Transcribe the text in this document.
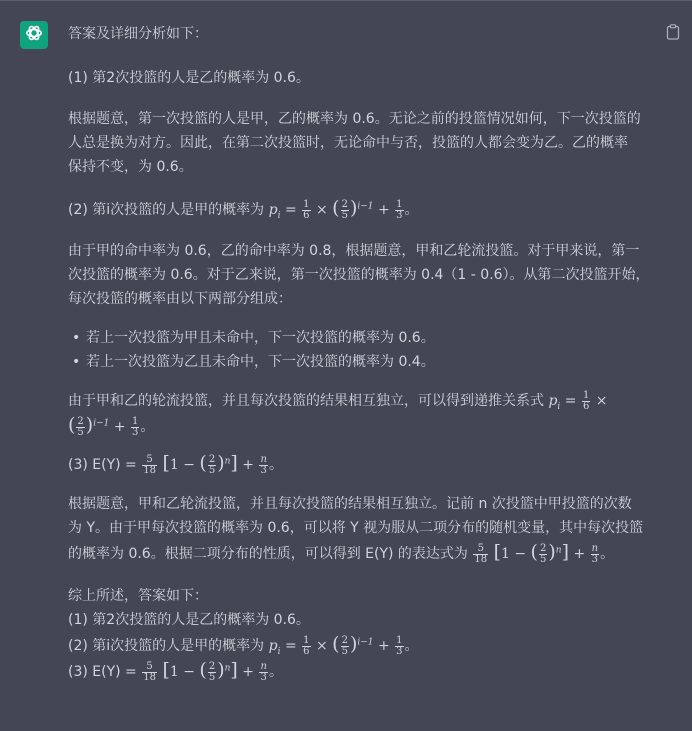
答案及详细分析如下：

(1) 第2次投篮的人是乙的概率为 0.6。

根据题意，第一次投篮的人是甲，乙的概率为 0.6。无论之前的投篮情况如何，下一次投篮的

人总是换为对方。因此，在第二次投篮时，无论命中与否，投篮的人都会变为乙。乙的概率

保持不变，为 0.6。

(2) 第i次投篮的人是甲的概率为 $p_i = \frac{1}{6}$ × ( $\frac{2}{5} )^{i-1} + \frac{1}{3}$ 。

由于甲的命中率为 0.6，乙的命中率为 0.8，根据题意，甲和乙轮流投篮。对于甲来说，第一

次投篮的概率为 0.6。对于乙来说，第一次投篮的概率为 0.4（1 - 0.6）。从第二次投篮开始，

每次投篮的概率由以下两部分组成：

• 若上一次投篮为甲且未命中，下一次投篮的概率为 0.6。
• 若上一次投篮为乙且未命中，下一次投篮的概率为 0.4。

由于甲和乙的轮流投篮，并且每次投篮的结果相互独立，可以得到递推关系式 $p_i = \frac{1}{6}$ ×

( $\frac{2}{5} )^{i-1} + \frac{1}{3}$ 。

(3) $E(Y) = \frac{5}{18} [1$ − ( $\frac{2}{5} )^n] + \frac{n}{3}$ 。

根据题意，甲和乙轮流投篮，并且每次投篮的结果相互独立。记前 n 次投篮中甲投篮的次数

为 Y。由于甲每次投篮的概率为 0.6，可以将 Y 视为服从二项分布的随机变量，其中每次投篮

的概率为 0.6。根据二项分布的性质，可以得到 E(Y) 的表达式为 $\frac{5}{18} [1$ − ( $\frac{2}{5} )^n] + \frac{n}{3}$ 。

综上所述，答案如下：

(1) 第2次投篮的人是乙的概率为 0.6。

(2) 第i次投篮的人是甲的概率为 $p_i = \frac{1}{6}$ × ( $\frac{2}{5} )^{i-1} + \frac{1}{3}$ 。

(3) $E(Y) = \frac{5}{18} [1$ − ( $\frac{2}{5} )^n] + \frac{n}{3}$ 。
